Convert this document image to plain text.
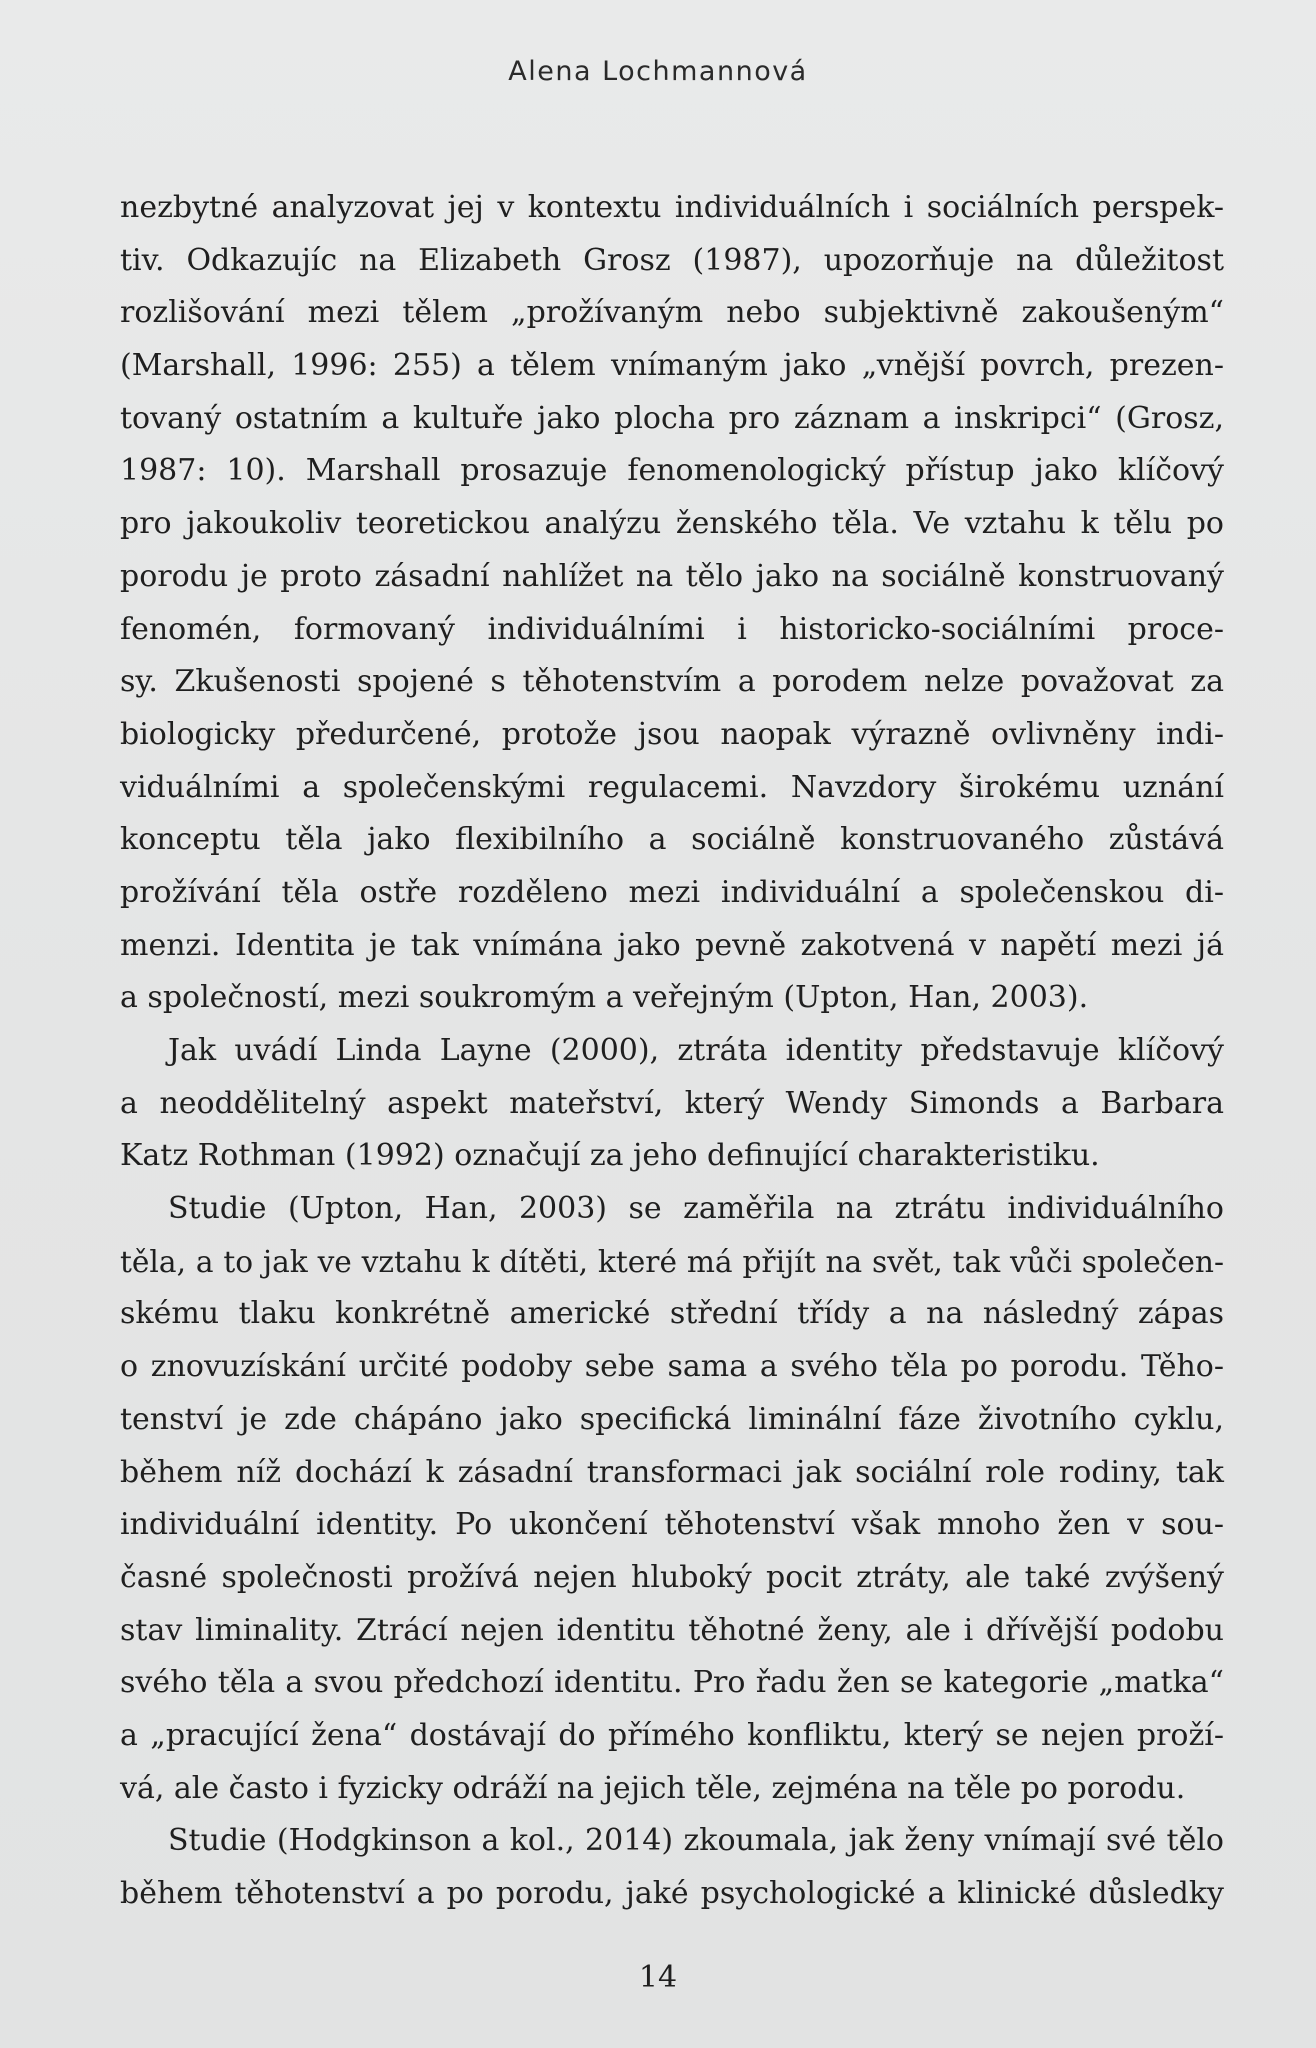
Alena Lochmannová
nezbytné analyzovat jej v kontextu individuálních i sociálních perspek-
tiv. Odkazujíc na Elizabeth Grosz (1987), upozorňuje na důležitost
rozlišování mezi tělem „prožívaným nebo subjektivně zakoušeným“
(Marshall, 1996: 255) a tělem vnímaným jako „vnější povrch, prezen-
tovaný ostatním a kultuře jako plocha pro záznam a inskripci“ (Grosz,
1987: 10). Marshall prosazuje fenomenologický přístup jako klíčový
pro jakoukoliv teoretickou analýzu ženského těla. Ve vztahu k tělu po
porodu je proto zásadní nahlížet na tělo jako na sociálně konstruovaný
fenomén, formovaný individuálními i historicko-sociálními proce-
sy. Zkušenosti spojené s těhotenstvím a porodem nelze považovat za
biologicky předurčené, protože jsou naopak výrazně ovlivněny indi-
viduálními a společenskými regulacemi. Navzdory širokému uznání
konceptu těla jako flexibilního a sociálně konstruovaného zůstává
prožívání těla ostře rozděleno mezi individuální a společenskou di-
menzi. Identita je tak vnímána jako pevně zakotvená v napětí mezi já
a společností, mezi soukromým a veřejným (Upton, Han, 2003).
Jak uvádí Linda Layne (2000), ztráta identity představuje klíčový
a neoddělitelný aspekt mateřství, který Wendy Simonds a Barbara
Katz Rothman (1992) označují za jeho definující charakteristiku.
Studie (Upton, Han, 2003) se zaměřila na ztrátu individuálního
těla, a to jak ve vztahu k dítěti, které má přijít na svět, tak vůči společen-
skému tlaku konkrétně americké střední třídy a na následný zápas
o znovuzískání určité podoby sebe sama a svého těla po porodu. Těho-
tenství je zde chápáno jako specifická liminální fáze životního cyklu,
během níž dochází k zásadní transformaci jak sociální role rodiny, tak
individuální identity. Po ukončení těhotenství však mnoho žen v sou-
časné společnosti prožívá nejen hluboký pocit ztráty, ale také zvýšený
stav liminality. Ztrácí nejen identitu těhotné ženy, ale i dřívější podobu
svého těla a svou předchozí identitu. Pro řadu žen se kategorie „matka“
a „pracující žena“ dostávají do přímého konfliktu, který se nejen proží-
vá, ale často i fyzicky odráží na jejich těle, zejména na těle po porodu.
Studie (Hodgkinson a kol., 2014) zkoumala, jak ženy vnímají své tělo
během těhotenství a po porodu, jaké psychologické a klinické důsledky
14
